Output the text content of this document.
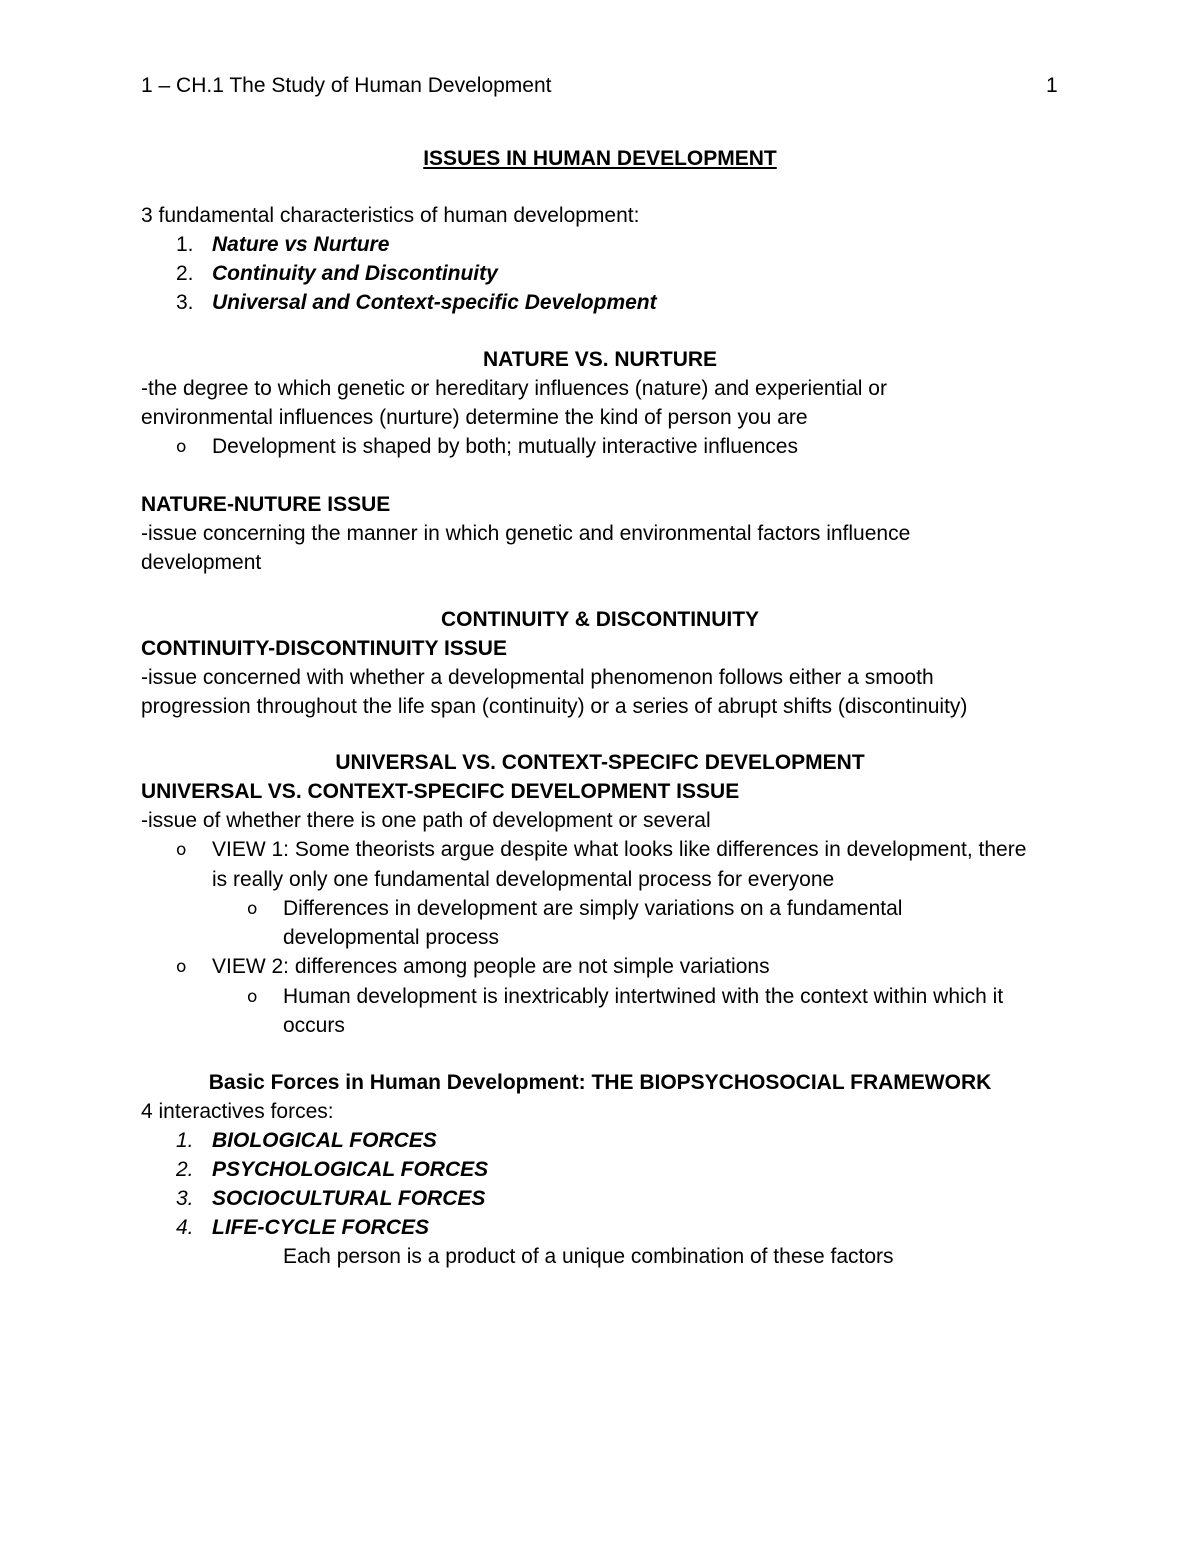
1 – CH.1 The Study of Human Development	1
ISSUES IN HUMAN DEVELOPMENT
3 fundamental characteristics of human development:
1. Nature vs Nurture
2. Continuity and Discontinuity
3. Universal and Context-specific Development
NATURE VS. NURTURE
-the degree to which genetic or hereditary influences (nature) and experiential or
environmental influences (nurture) determine the kind of person you are
o Development is shaped by both; mutually interactive influences
NATURE-NUTURE ISSUE
-issue concerning the manner in which genetic and environmental factors influence
development
CONTINUITY & DISCONTINUITY
CONTINUITY-DISCONTINUITY ISSUE
-issue concerned with whether a developmental phenomenon follows either a smooth
progression throughout the life span (continuity) or a series of abrupt shifts (discontinuity)
UNIVERSAL VS. CONTEXT-SPECIFC DEVELOPMENT
UNIVERSAL VS. CONTEXT-SPECIFC DEVELOPMENT ISSUE
-issue of whether there is one path of development or several
o VIEW 1: Some theorists argue despite what looks like differences in development, there
is really only one fundamental developmental process for everyone
o Differences in development are simply variations on a fundamental
developmental process
o VIEW 2: differences among people are not simple variations
o Human development is inextricably intertwined with the context within which it
occurs
Basic Forces in Human Development: THE BIOPSYCHOSOCIAL FRAMEWORK
4 interactives forces:
1. BIOLOGICAL FORCES
2. PSYCHOLOGICAL FORCES
3. SOCIOCULTURAL FORCES
4. LIFE-CYCLE FORCES
Each person is a product of a unique combination of these factors
